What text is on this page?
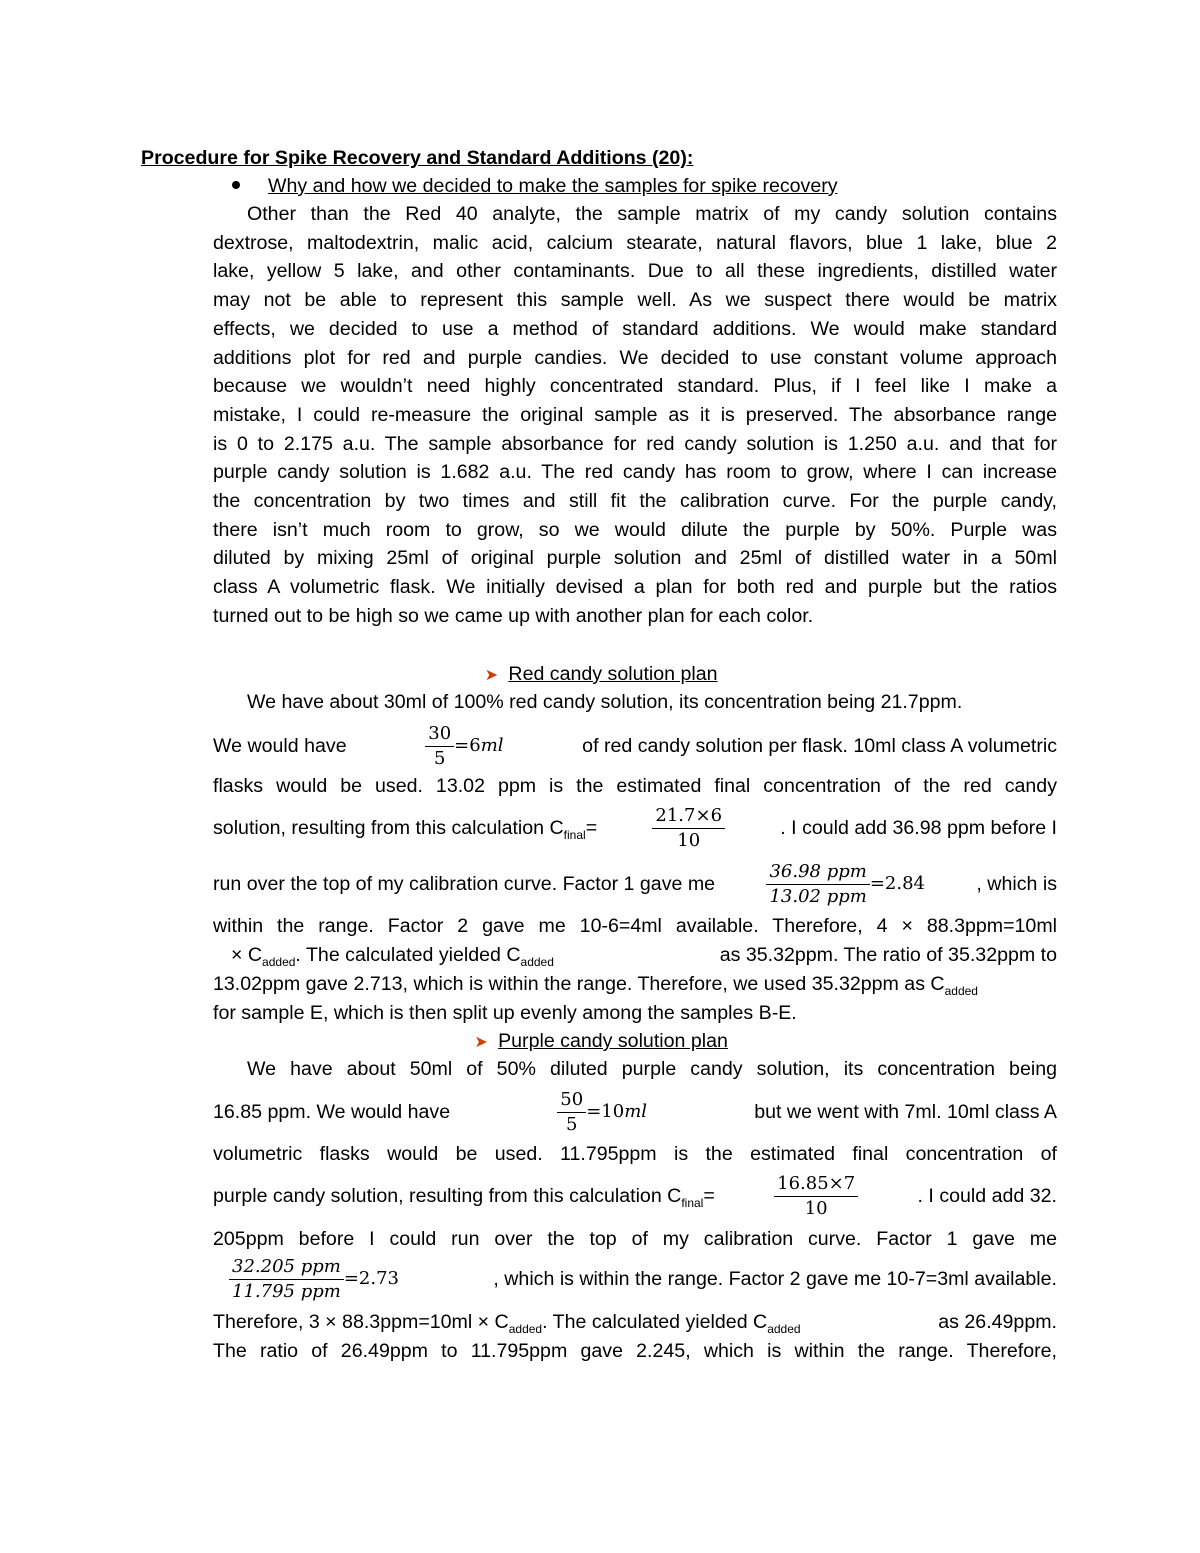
Procedure for Spike Recovery and Standard Additions (20):
Why and how we decided to make the samples for spike recovery

Other than the Red 40 analyte, the sample matrix of my candy solution contains

dextrose, maltodextrin, malic acid, calcium stearate, natural flavors, blue 1 lake, blue 2

lake, yellow 5 lake, and other contaminants. Due to all these ingredients, distilled water

may not be able to represent this sample well. As we suspect there would be matrix

effects, we decided to use a method of standard additions. We would make standard

additions plot for red and purple candies. We decided to use constant volume approach

because we wouldn’t need highly concentrated standard. Plus, if I feel like I make a

mistake, I could re-measure the original sample as it is preserved. The absorbance range

is 0 to 2.175 a.u. The sample absorbance for red candy solution is 1.250 a.u. and that for

purple candy solution is 1.682 a.u. The red candy has room to grow, where I can increase

the concentration by two times and still fit the calibration curve. For the purple candy,

there isn’t much room to grow, so we would dilute the purple by 50%. Purple was

diluted by mixing 25ml of original purple solution and 25ml of distilled water in a 50ml

class A volumetric flask. We initially devised a plan for both red and purple but the ratios

turned out to be high so we came up with another plan for each color.

➤ Red candy solution plan
We have about 30ml of 100% red candy solution, its concentration being 21.7ppm.
We would have	$\frac{30}{5} =6$ ml	of red candy solution per flask. 10ml class A volumetric
flasks would be used. 13.02 ppm is the estimated final concentration of the red candy
solution, resulting from this calculation $C_{final}=$	$\frac{21.7\times 6}{10}$	. I could add 36.98 ppm before I
run over the top of my calibration curve. Factor 1 gave me	$\frac{\text{36.98 ppm}}{\text{13.02 ppm}} =2.84$	, which is
within the range. Factor 2 gave me 10-6=4ml available. Therefore, 4 × 88.3ppm=10ml
× $C_{added}$. The calculated yielded $C_{added}$	as 35.32ppm. The ratio of 35.32ppm to
13.02ppm gave 2.713, which is within the range. Therefore, we used 35.32ppm as $C_{added}$
for sample E, which is then split up evenly among the samples B-E.
➤ Purple candy solution plan
We have about 50ml of 50% diluted purple candy solution, its concentration being
16.85 ppm. We would have	$\frac{50}{5} =10$ ml	but we went with 7ml. 10ml class A
volumetric flasks would be used. 11.795ppm is the estimated final concentration of
purple candy solution, resulting from this calculation $C_{final}=$	$\frac{16.85\times 7}{10}$	. I could add 32.
205ppm before I could run over the top of my calibration curve. Factor 1 gave me
$\frac{\text{32.205 ppm}}{\text{11.795 ppm}} =2.73$	, which is within the range. Factor 2 gave me 10-7=3ml available.
Therefore, $3 \times 88.3ppm=10ml \times C_{added}$. The calculated yielded $C_{added}$	as 26.49ppm.
The ratio of 26.49ppm to 11.795ppm gave 2.245, which is within the range. Therefore,
